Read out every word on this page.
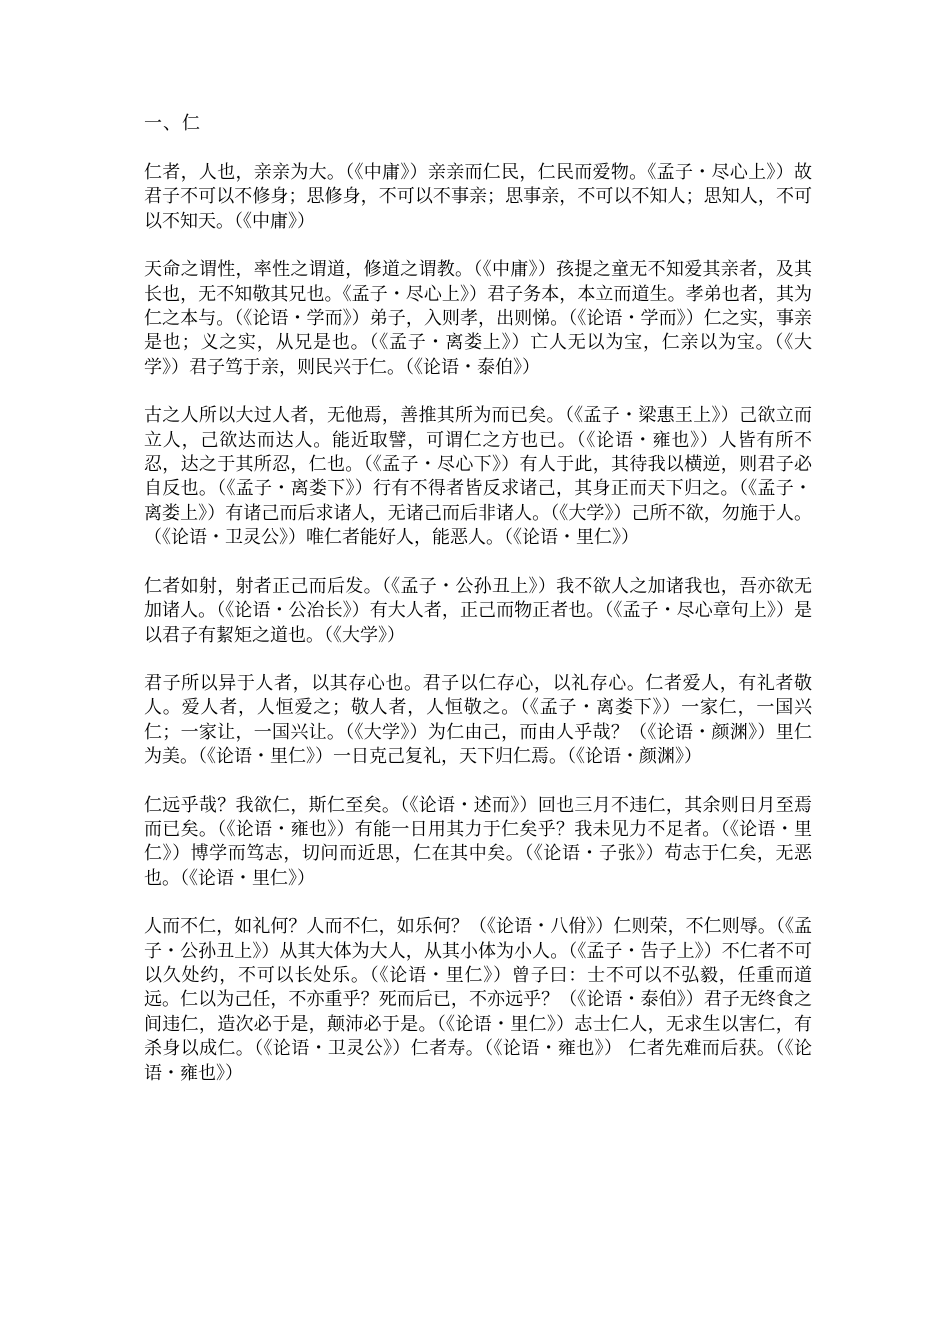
一、仁

仁者，人也，亲亲为大。（《中庸》）亲亲而仁民，仁民而爱物。《孟子・尽心上》）故君子不可以不修身；思修身，不可以不事亲；思事亲，不可以不知人；思知人，不可以不知天。（《中庸》）

天命之谓性，率性之谓道，修道之谓教。（《中庸》）孩提之童无不知爱其亲者，及其长也，无不知敬其兄也。《孟子・尽心上》）君子务本，本立而道生。孝弟也者，其为仁之本与。（《论语・学而》）弟子，入则孝，出则悌。（《论语・学而》）仁之实，事亲是也；义之实，从兄是也。（《孟子・离娄上》）亡人无以为宝，仁亲以为宝。（《大学》）君子笃于亲，则民兴于仁。（《论语・泰伯》）

古之人所以大过人者，无他焉，善推其所为而已矣。（《孟子・梁惠王上》）己欲立而立人，己欲达而达人。能近取譬，可谓仁之方也已。（《论语・雍也》）人皆有所不忍，达之于其所忍，仁也。（《孟子・尽心下》）有人于此，其待我以横逆，则君子必自反也。（《孟子・离娄下》）行有不得者皆反求诸己，其身正而天下归之。（《孟子・离娄上》）有诸己而后求诸人，无诸己而后非诸人。（《大学》）己所不欲，勿施于人。（《论语・卫灵公》）唯仁者能好人，能恶人。（《论语・里仁》）

仁者如射，射者正己而后发。（《孟子・公孙丑上》）我不欲人之加诸我也，吾亦欲无加诸人。（《论语・公冶长》）有大人者，正己而物正者也。（《孟子・尽心章句上》）是以君子有絜矩之道也。（《大学》）

君子所以异于人者，以其存心也。君子以仁存心，以礼存心。仁者爱人，有礼者敬人。爱人者，人恒爱之；敬人者，人恒敬之。（《孟子・离娄下》）一家仁，一国兴仁；一家让，一国兴让。（《大学》）为仁由己，而由人乎哉？（《论语・颜渊》）里仁为美。（《论语・里仁》）一日克己复礼，天下归仁焉。（《论语・颜渊》）

仁远乎哉？我欲仁，斯仁至矣。（《论语・述而》）回也三月不违仁，其余则日月至焉而已矣。（《论语・雍也》）有能一日用其力于仁矣乎？我未见力不足者。（《论语・里仁》）博学而笃志，切问而近思，仁在其中矣。（《论语・子张》）苟志于仁矣，无恶也。（《论语・里仁》）

人而不仁，如礼何？人而不仁，如乐何？（《论语・八佾》）仁则荣，不仁则辱。（《孟子・公孙丑上》）从其大体为大人，从其小体为小人。（《孟子・告子上》）不仁者不可以久处约，不可以长处乐。（《论语・里仁》）曾子曰：士不可以不弘毅，任重而道远。仁以为己任，不亦重乎？死而后已，不亦远乎？（《论语・泰伯》）君子无终食之间违仁，造次必于是，颠沛必于是。（《论语・里仁》）志士仁人，无求生以害仁，有杀身以成仁。（《论语・卫灵公》）仁者寿。（《论语・雍也》） 仁者先难而后获。（《论语・雍也》）
